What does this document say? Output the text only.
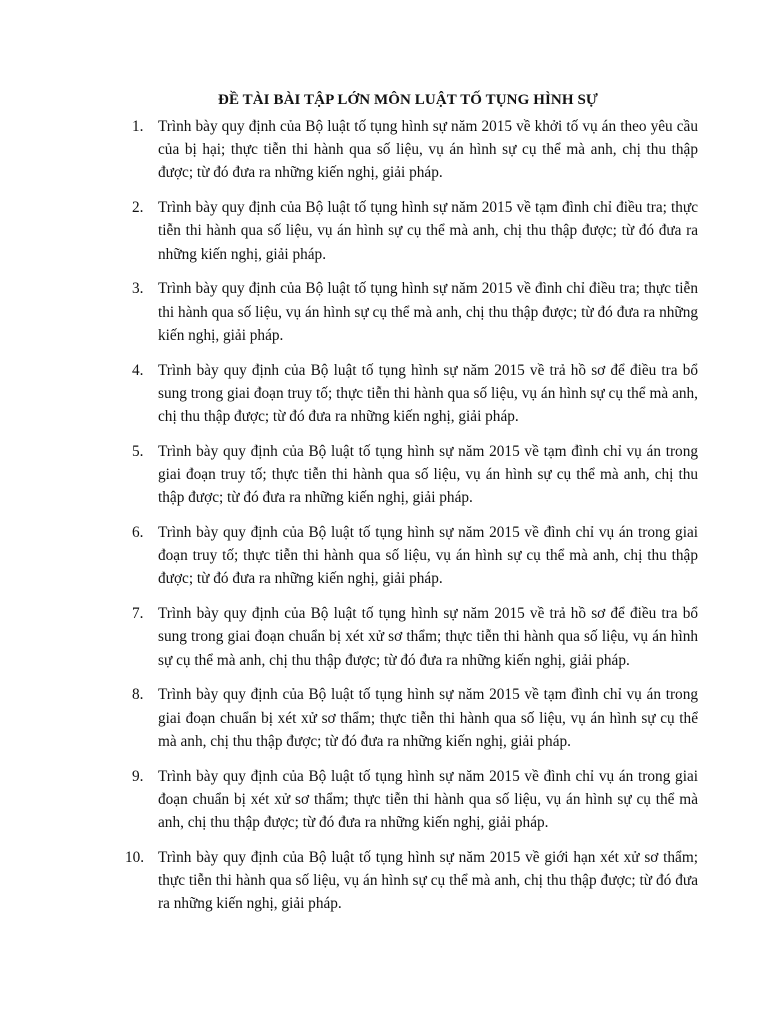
ĐỀ TÀI BÀI TẬP LỚN MÔN LUẬT TỐ TỤNG HÌNH SỰ
1. Trình bày quy định của Bộ luật tố tụng hình sự năm 2015 về khởi tố vụ án theo yêu cầu của bị hại; thực tiễn thi hành qua số liệu, vụ án hình sự cụ thể mà anh, chị thu thập được; từ đó đưa ra những kiến nghị, giải pháp.
2. Trình bày quy định của Bộ luật tố tụng hình sự năm 2015 về tạm đình chỉ điều tra; thực tiễn thi hành qua số liệu, vụ án hình sự cụ thể mà anh, chị thu thập được; từ đó đưa ra những kiến nghị, giải pháp.
3. Trình bày quy định của Bộ luật tố tụng hình sự năm 2015 về đình chỉ điều tra; thực tiễn thi hành qua số liệu, vụ án hình sự cụ thể mà anh, chị thu thập được; từ đó đưa ra những kiến nghị, giải pháp.
4. Trình bày quy định của Bộ luật tố tụng hình sự năm 2015 về trả hồ sơ để điều tra bổ sung trong giai đoạn truy tố; thực tiễn thi hành qua số liệu, vụ án hình sự cụ thể mà anh, chị thu thập được; từ đó đưa ra những kiến nghị, giải pháp.
5. Trình bày quy định của Bộ luật tố tụng hình sự năm 2015 về tạm đình chỉ vụ án trong giai đoạn truy tố; thực tiễn thi hành qua số liệu, vụ án hình sự cụ thể mà anh, chị thu thập được; từ đó đưa ra những kiến nghị, giải pháp.
6. Trình bày quy định của Bộ luật tố tụng hình sự năm 2015 về đình chỉ vụ án trong giai đoạn truy tố; thực tiễn thi hành qua số liệu, vụ án hình sự cụ thể mà anh, chị thu thập được; từ đó đưa ra những kiến nghị, giải pháp.
7. Trình bày quy định của Bộ luật tố tụng hình sự năm 2015 về trả hồ sơ để điều tra bổ sung trong giai đoạn chuẩn bị xét xử sơ thẩm; thực tiễn thi hành qua số liệu, vụ án hình sự cụ thể mà anh, chị thu thập được; từ đó đưa ra những kiến nghị, giải pháp.
8. Trình bày quy định của Bộ luật tố tụng hình sự năm 2015 về tạm đình chỉ vụ án trong giai đoạn chuẩn bị xét xử sơ thẩm; thực tiễn thi hành qua số liệu, vụ án hình sự cụ thể mà anh, chị thu thập được; từ đó đưa ra những kiến nghị, giải pháp.
9. Trình bày quy định của Bộ luật tố tụng hình sự năm 2015 về đình chỉ vụ án trong giai đoạn chuẩn bị xét xử sơ thẩm; thực tiễn thi hành qua số liệu, vụ án hình sự cụ thể mà anh, chị thu thập được; từ đó đưa ra những kiến nghị, giải pháp.
10. Trình bày quy định của Bộ luật tố tụng hình sự năm 2015 về giới hạn xét xử sơ thẩm; thực tiễn thi hành qua số liệu, vụ án hình sự cụ thể mà anh, chị thu thập được; từ đó đưa ra những kiến nghị, giải pháp.
